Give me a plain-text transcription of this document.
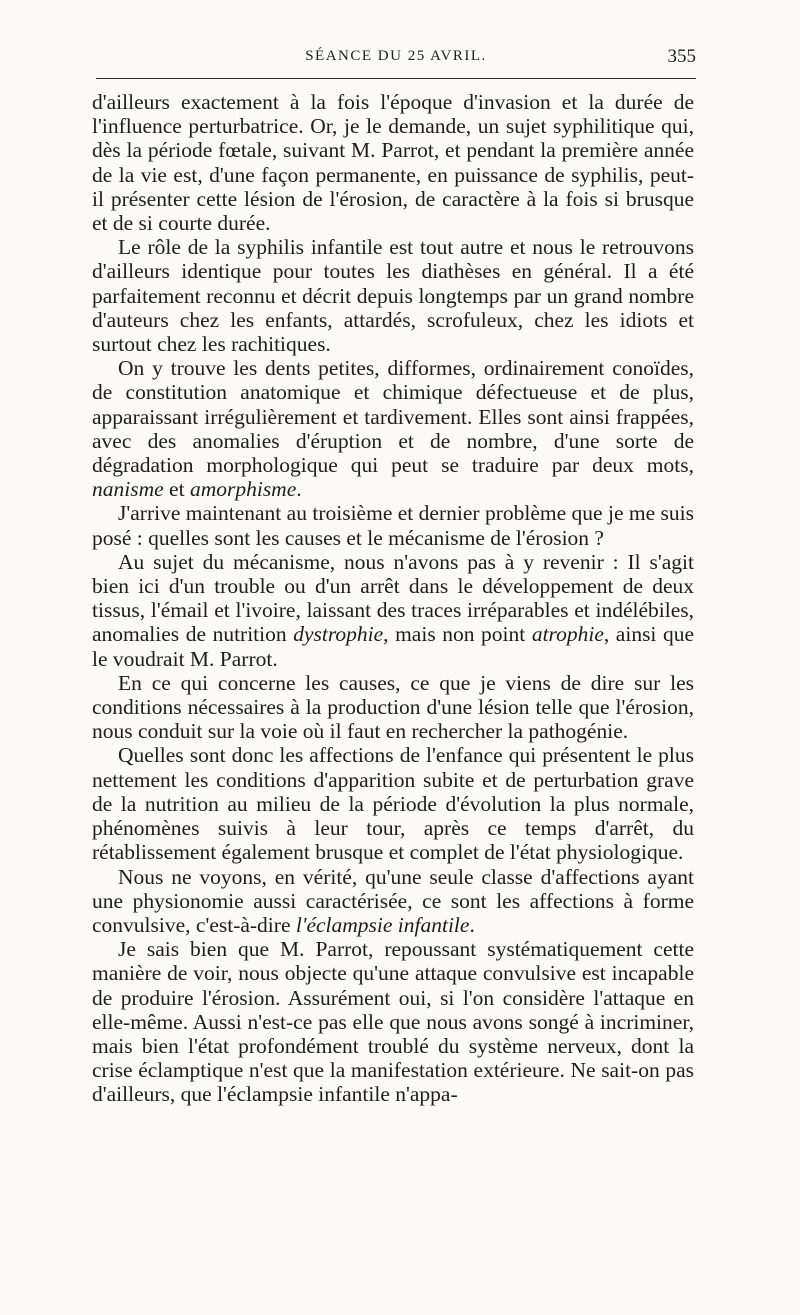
SÉANCE DU 25 AVRIL.	355

d'ailleurs exactement à la fois l'époque d'invasion et la durée de l'influence perturbatrice. Or, je le demande, un sujet syphilitique qui, dès la période fœtale, suivant M. Parrot, et pendant la première année de la vie est, d'une façon permanente, en puissance de syphilis, peut-il présenter cette lésion de l'érosion, de caractère à la fois si brusque et de si courte durée.

Le rôle de la syphilis infantile est tout autre et nous le retrouvons d'ailleurs identique pour toutes les diathèses en général. Il a été parfaitement reconnu et décrit depuis longtemps par un grand nombre d'auteurs chez les enfants, attardés, scrofuleux, chez les idiots et surtout chez les rachitiques.

On y trouve les dents petites, difformes, ordinairement conoïdes, de constitution anatomique et chimique défectueuse et de plus, apparaissant irrégulièrement et tardivement. Elles sont ainsi frappées, avec des anomalies d'éruption et de nombre, d'une sorte de dégradation morphologique qui peut se traduire par deux mots, nanisme et amorphisme.

J'arrive maintenant au troisième et dernier problème que je me suis posé : quelles sont les causes et le mécanisme de l'érosion ?

Au sujet du mécanisme, nous n'avons pas à y revenir : Il s'agit bien ici d'un trouble ou d'un arrêt dans le développement de deux tissus, l'émail et l'ivoire, laissant des traces irréparables et indélébiles, anomalies de nutrition dystrophie, mais non point atrophie, ainsi que le voudrait M. Parrot.

En ce qui concerne les causes, ce que je viens de dire sur les conditions nécessaires à la production d'une lésion telle que l'érosion, nous conduit sur la voie où il faut en rechercher la pathogénie.

Quelles sont donc les affections de l'enfance qui présentent le plus nettement les conditions d'apparition subite et de perturbation grave de la nutrition au milieu de la période d'évolution la plus normale, phénomènes suivis à leur tour, après ce temps d'arrêt, du rétablissement également brusque et complet de l'état physiologique.

Nous ne voyons, en vérité, qu'une seule classe d'affections ayant une physionomie aussi caractérisée, ce sont les affections à forme convulsive, c'est-à-dire l'éclampsie infantile.

Je sais bien que M. Parrot, repoussant systématiquement cette manière de voir, nous objecte qu'une attaque convulsive est incapable de produire l'érosion. Assurément oui, si l'on considère l'attaque en elle-même. Aussi n'est-ce pas elle que nous avons songé à incriminer, mais bien l'état profondément troublé du système nerveux, dont la crise éclamptique n'est que la manifestation extérieure. Ne sait-on pas d'ailleurs, que l'éclampsie infantile n'appa-
